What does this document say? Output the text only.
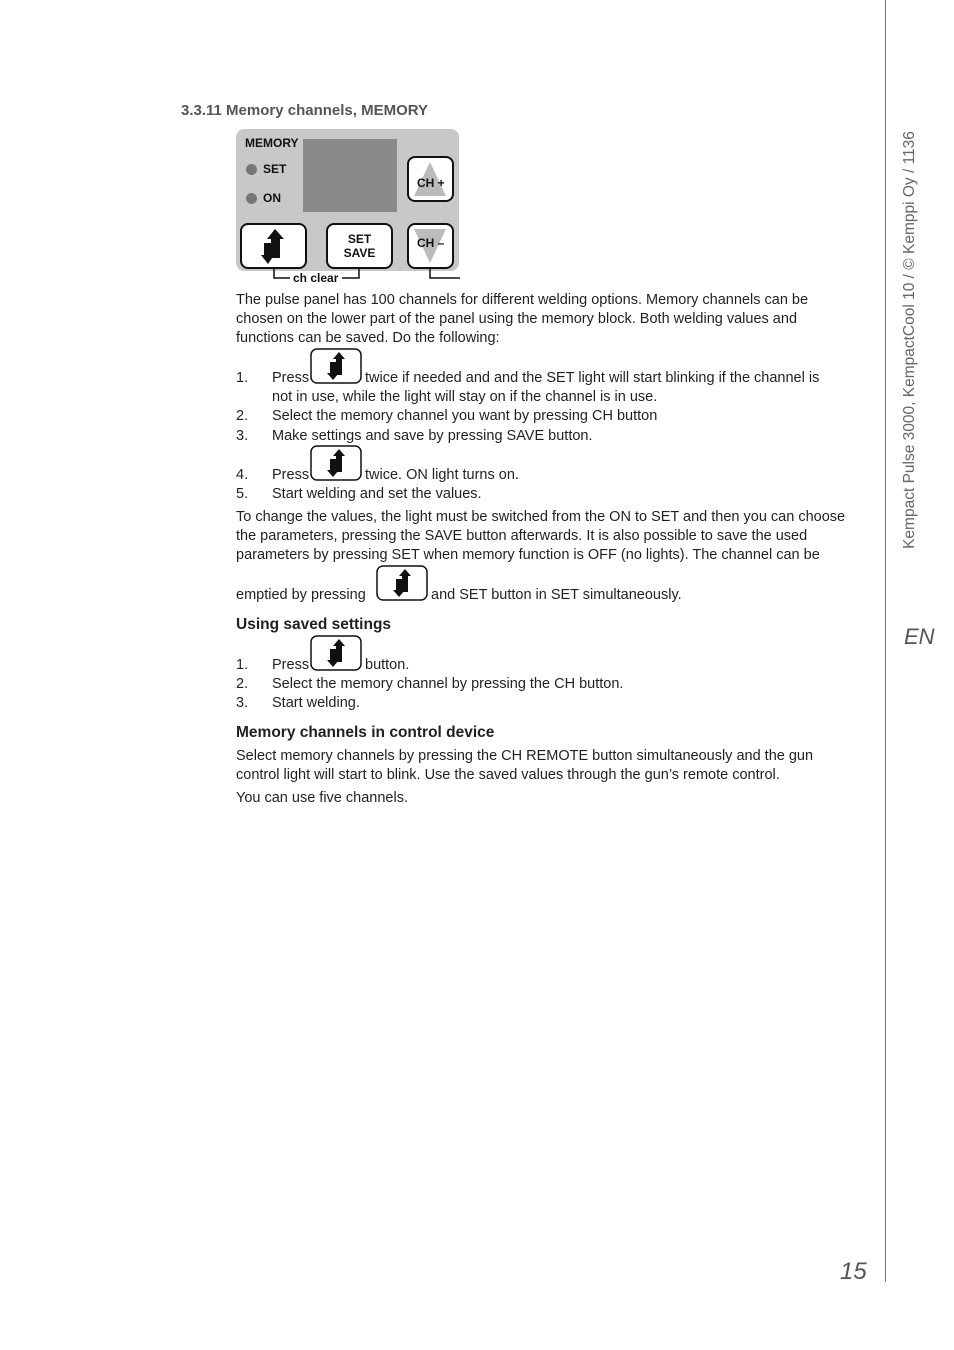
3.3.11 Memory channels, MEMORY
MEMORY
SET
ON
CH +
SET
SAVE
CH –
ch clear
The pulse panel has 100 channels for different welding options. Memory channels can be
chosen on the lower part of the panel using the memory block. Both welding values and
functions can be saved. Do the following:
1. Press	twice if needed and and the SET light will start blinking if the channel is
not in use, while the light will stay on if the channel is in use.
2. Select the memory channel you want by pressing CH button
3. Make settings and save by pressing SAVE button.
4. Press	twice. ON light turns on.
5. Start welding and set the values.
To change the values, the light must be switched from the ON to SET and then you can choose
the parameters, pressing the SAVE button afterwards. It is also possible to save the used
parameters by pressing SET when memory function is OFF (no lights). The channel can be
emptied by pressing	and SET button in SET simultaneously.
Using saved settings
1. Press	button.
2. Select the memory channel by pressing the CH button.
3. Start welding.
Memory channels in control device
Select memory channels by pressing the CH REMOTE button simultaneously and the gun
control light will start to blink. Use the saved values through the gun’s remote control.
You can use five channels.
Kempact Pulse 3000, KempactCool 10 / © Kemppi Oy / 1136
EN
15
